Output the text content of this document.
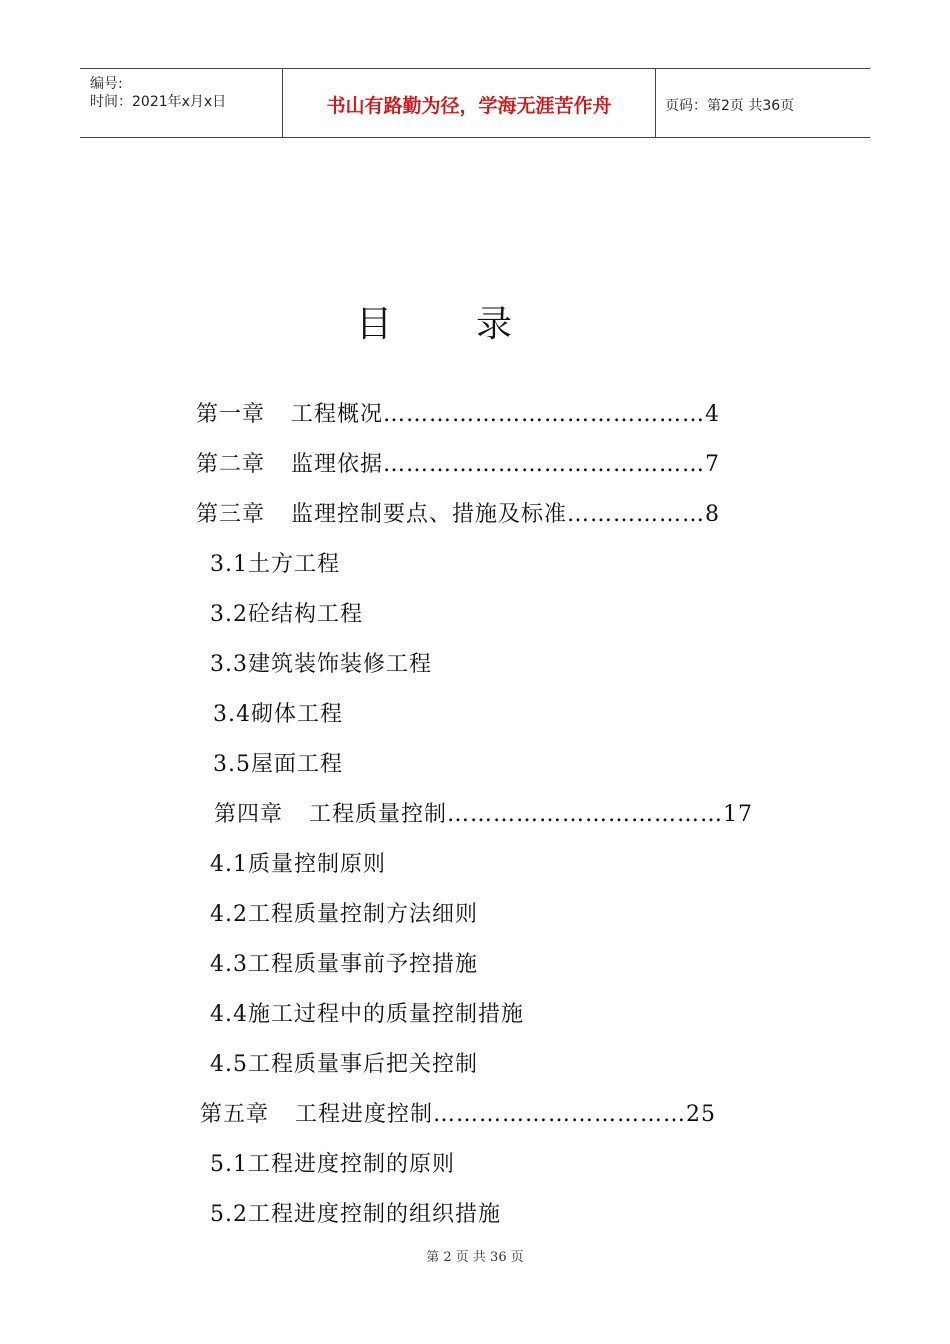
编号:
时间：2021年x月x日	书山有路勤为径，学海无涯苦作舟	页码：第2页 共36页
目 录
第一章 工程概况……………………………………4
第二章 监理依据……………………………………7
第三章 监理控制要点、措施及标准………………8
3.1土方工程
3.2砼结构工程
3.3建筑装饰装修工程
3.4砌体工程
3.5屋面工程
第四章 工程质量控制………………………………17
4.1质量控制原则
4.2工程质量控制方法细则
4.3工程质量事前予控措施
4.4施工过程中的质量控制措施
4.5工程质量事后把关控制
第五章 工程进度控制……………………………25
5.1工程进度控制的原则
5.2工程进度控制的组织措施
第 2 页 共 36 页
